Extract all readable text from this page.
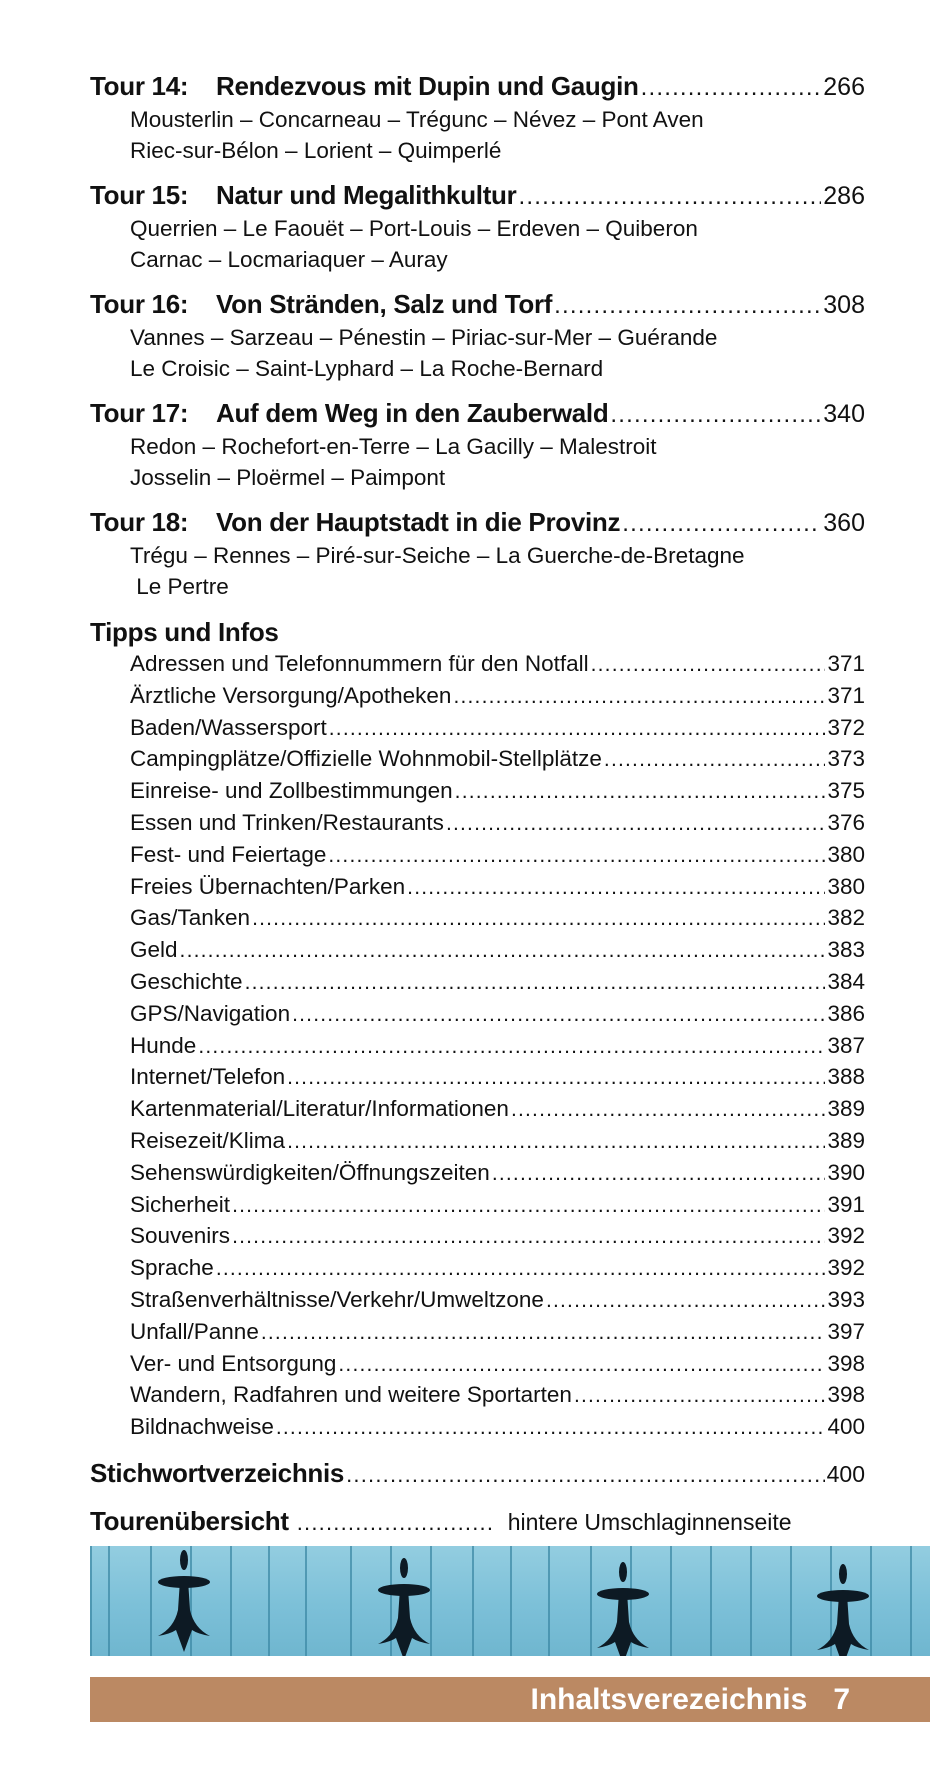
Tour 14:	Rendezvous mit Dupin und Gaugin .....	266
Mousterlin – Concarneau – Trégunc – Névez – Pont Aven
Riec-sur-Bélon – Lorient – Quimperlé
Tour 15:	Natur und Megalithkultur .....	286
Querrien – Le Faouët – Port-Louis – Erdeven – Quiberon
Carnac – Locmariaquer – Auray
Tour 16:	Von Stränden, Salz und Torf .....	308
Vannes – Sarzeau – Pénestin – Piriac-sur-Mer – Guérande
Le Croisic – Saint-Lyphard – La Roche-Bernard
Tour 17:	Auf dem Weg in den Zauberwald .....	340
Redon – Rochefort-en-Terre – La Gacilly – Malestroit
Josselin – Ploërmel – Paimpont
Tour 18:	Von der Hauptstadt in die Provinz .....	360
Trégu – Rennes – Piré-sur-Seiche – La Guerche-de-Bretagne
Le Pertre
Tipps und Infos
Adressen und Telefonnummern für den Notfall .....	371
Ärztliche Versorgung/Apotheken .....	371
Baden/Wassersport .....	372
Campingplätze/Offizielle Wohnmobil-Stellplätze .....	373
Einreise- und Zollbestimmungen .....	375
Essen und Trinken/Restaurants .....	376
Fest- und Feiertage .....	380
Freies Übernachten/Parken .....	380
Gas/Tanken .....	382
Geld .....	383
Geschichte .....	384
GPS/Navigation .....	386
Hunde .....	387
Internet/Telefon .....	388
Kartenmaterial/Literatur/Informationen .....	389
Reisezeit/Klima .....	389
Sehenswürdigkeiten/Öffnungszeiten .....	390
Sicherheit .....	391
Souvenirs .....	392
Sprache .....	392
Straßenverhältnisse/Verkehr/Umweltzone .....	393
Unfall/Panne .....	397
Ver- und Entsorgung .....	398
Wandern, Radfahren und weitere Sportarten .....	398
Bildnachweise .....	400
Stichwortverzeichnis .....	400
Tourenübersicht .....	hintere Umschlaginnenseite
Inhaltsverezeichnis 7
